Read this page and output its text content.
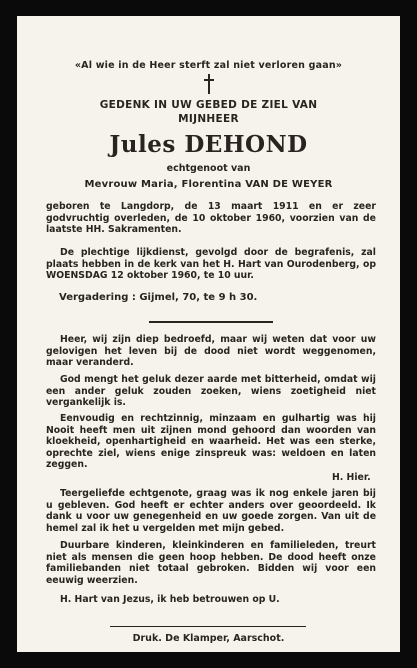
«Al wie in de Heer sterft zal niet verloren gaan»
GEDENK IN UW GEBED DE ZIEL VAN
MIJNHEER
Jules DEHOND
echtgenoot van
Mevrouw Maria, Florentina VAN DE WEYER
geboren te Langdorp, de 13 maart 1911 en er zeer godvruchtig overleden, de 10 oktober 1960, voorzien van de laatste HH. Sakramenten.
De plechtige lijkdienst, gevolgd door de begrafenis, zal plaats hebben in de kerk van het H. Hart van Ourodenberg, op WOENSDAG 12 oktober 1960, te 10 uur.
Vergadering : Gijmel, 70, te 9 h 30.
Heer, wij zijn diep bedroefd, maar wij weten dat voor uw gelovigen het leven bij de dood niet wordt weggenomen, maar veranderd.
God mengt het geluk dezer aarde met bitterheid, omdat wij een ander geluk zouden zoeken, wiens zoetigheid niet vergankelijk is.
Eenvoudig en rechtzinnig, minzaam en gulhartig was hij Nooit heeft men uit zijnen mond gehoord dan woorden van kloekheid, openhartigheid en waarheid. Het was een sterke, oprechte ziel, wiens enige zinspreuk was: weldoen en laten zeggen.
H. Hier.
Teergeliefde echtgenote, graag was ik nog enkele jaren bij u gebleven. God heeft er echter anders over geoordeeld. Ik dank u voor uw genegenheid en uw goede zorgen. Van uit de hemel zal ik het u vergelden met mijn gebed.
Duurbare kinderen, kleinkinderen en familieleden, treurt niet als mensen die geen hoop hebben. De dood heeft onze familiebanden niet totaal gebroken. Bidden wij voor een eeuwig weerzien.
H. Hart van Jezus, ik heb betrouwen op U.
Druk. De Klamper, Aarschot.
